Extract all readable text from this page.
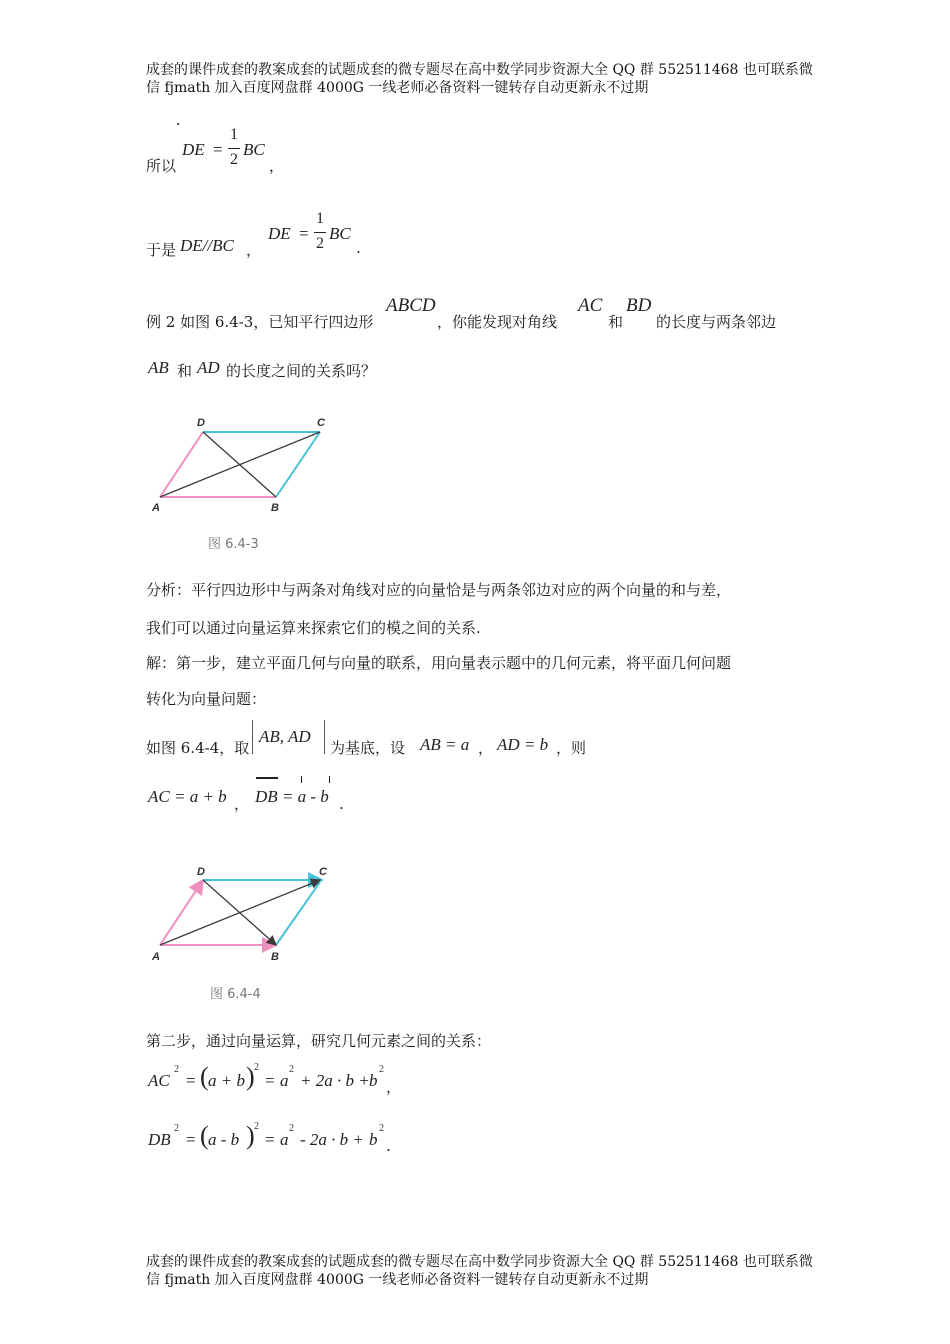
成套的课件成套的教案成套的试题成套的微专题尽在高中数学同步资源大全 QQ 群 552511468 也可联系微
信 fjmath 加入百度网盘群 4000G 一线老师必备资料一键转存自动更新永不过期
.
所以
DE =
1
2
BC
，
于是 DE//BC ，
DE =
1
2
BC
.
例 2 如图 6.4-3，已知平行四边形
ABCD
，你能发现对角线
AC
和
BD
的长度与两条邻边
AB 和 AD 的长度之间的关系吗？
A	B
C
D
图 6.4-3
分析：平行四边形中与两条对角线对应的向量恰是与两条邻边对应的两个向量的和与差，
我们可以通过向量运算来探索它们的模之间的关系.
解：第一步，建立平面几何与向量的联系，用向量表示题中的几何元素，将平面几何问题
转化为向量问题：
如图 6.4-4，取
AB, AD
为基底，设 AB = a ， AD = b ，则
AC = a + b ， DB = a - b .
A	B
C
D
图 6.4-4
第二步，通过向量运算，研究几何元素之间的关系：
AC
2
= ( a + b ) 2
= a
2
+ 2a · b + b
2
，
DB
2
= ( a - b ) 2
= a
2
- 2a · b + b
2
.
成套的课件成套的教案成套的试题成套的微专题尽在高中数学同步资源大全 QQ 群 552511468 也可联系微
信 fjmath 加入百度网盘群 4000G 一线老师必备资料一键转存自动更新永不过期
